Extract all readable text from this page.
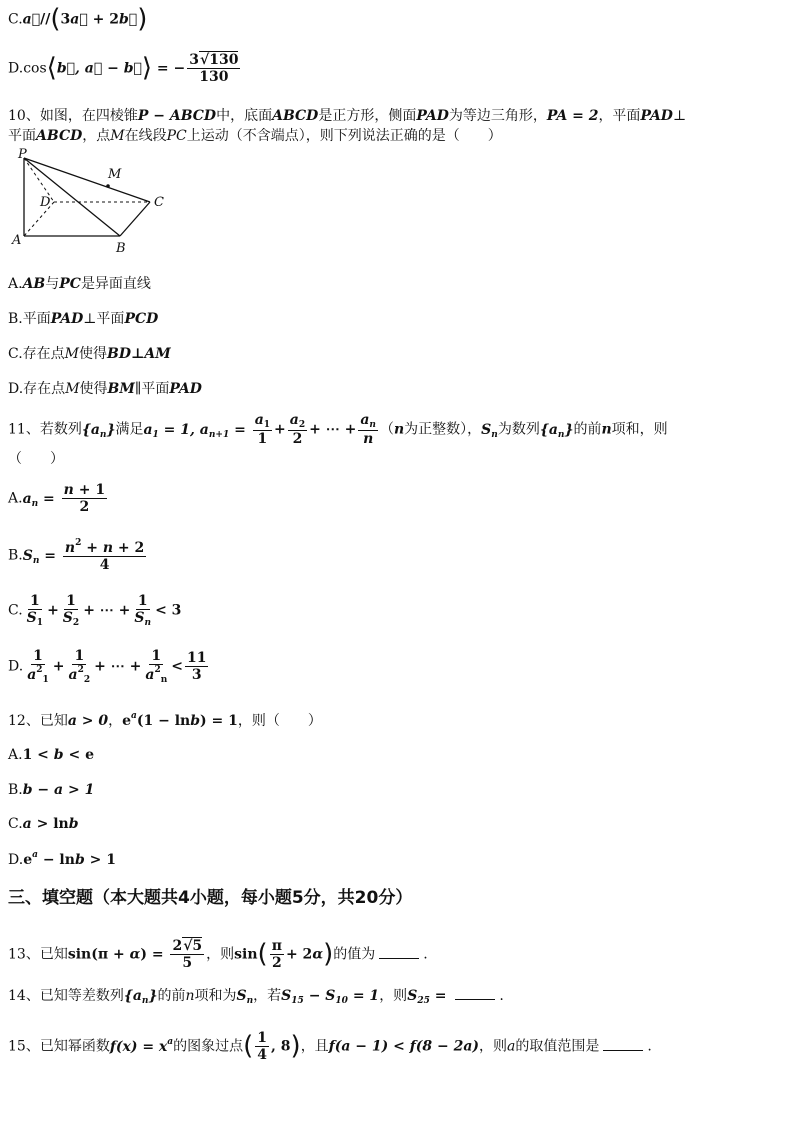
C.a⃗//(3a⃗ + 2b⃗)
D.cos⟨b⃗, a⃗ − b⃗⟩ = − $\frac{3√130}{130}$
10、如图，在四棱锥P − ABCD中，底面ABCD是正方形，侧面PAD为等边三角形，PA = 2，平面PAD⊥
平面ABCD，点M在线段PC上运动（不含端点），则下列说法正确的是（　　）
P
M
D	C
A
B
A.AB与PC是异面直线
B.平面PAD⊥平面PCD
C.存在点M使得BD⊥AM
D.存在点M使得BM∥平面PAD
11、若数列$\{a_n\}$满足$a_1 = 1$, $a_{n+1} = \frac{a_1}{1} + \frac{a_2}{2}$ + ⋯ + $\frac{a_n}{n} (n$为正整数），$S_n$为数列$\{a_n\}$的前n项和，则
（　　）
$A.a_n = \frac{n + 1}{2}$
$B.S_n = \frac{n^2 + n + 2}{4}$
C. $\frac{1}{S_1} + \frac{1}{S_2}$ + ⋯ + $\frac{1}{S_n} < 3$
D. $\frac{1}{a^2_1} + \frac{1}{a^2_2}$ + ⋯ + $\frac{1}{a^2_n} < \frac{11}{3}$
12、已知a > 0，$e^a(1 - \ln b) = 1$，则（　　）
A.1 < b < e
B.b − a > 1
C.a > lnb
$D.e^a - \ln b > 1$
三、填空题（本大题共4小题，每小题5分，共20分）
13、已知$\sin(\pi + \alpha) = \frac{2√5}{5}$ ，则$\sin( \frac{\pi}{2} + 2\alpha)$的值为	.
14、已知等差数列$\{a_n\}$的前n项和为$S_n$，若$S_{15} - S_{10} = 1$，则$S_{25}$ =	.
15、已知幂函数$f(x) = x^a$的图象过点( $\frac{1}{4}$ , 8)，且f(a − 1) < f(8 − 2a)，则a的取值范围是	.
